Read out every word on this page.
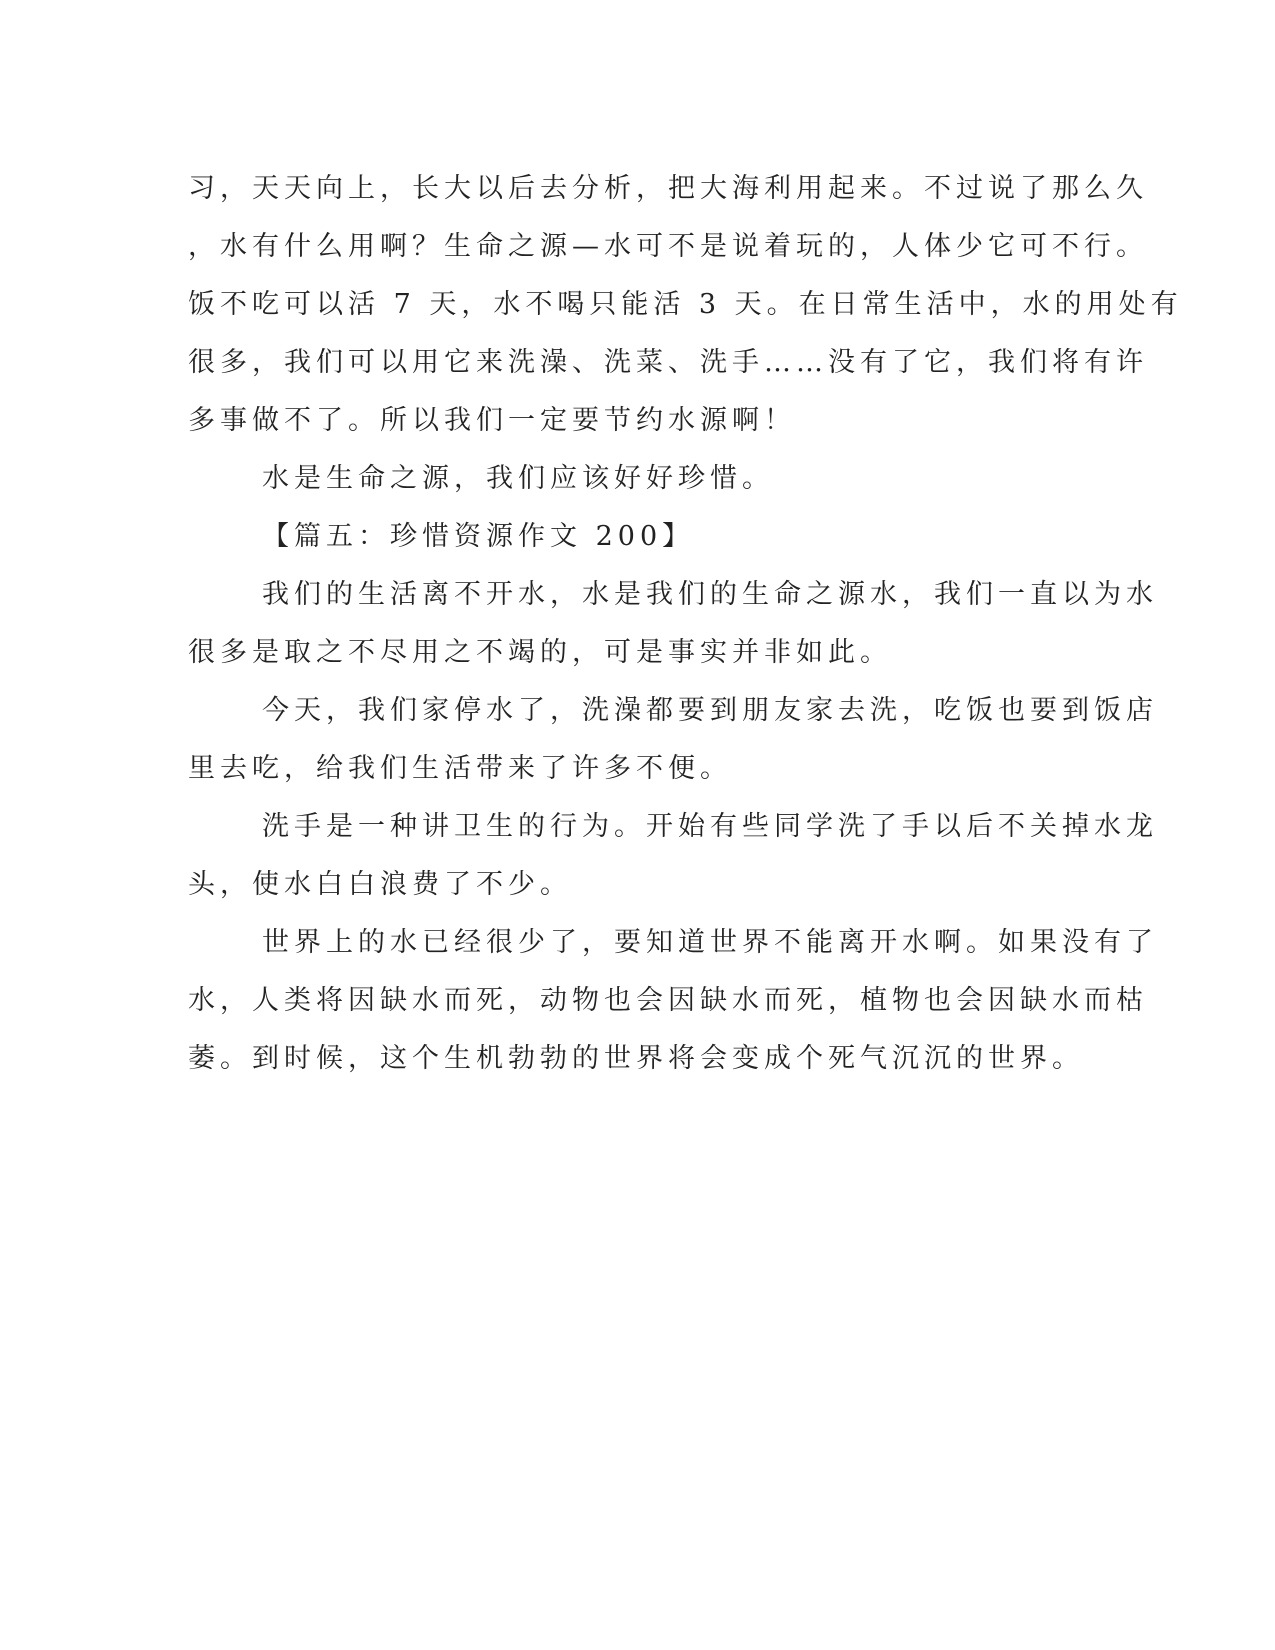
习，天天向上，长大以后去分析，把大海利用起来。不过说了那么久

，水有什么用啊？生命之源—水可不是说着玩的，人体少它可不行。

饭不吃可以活 7 天，水不喝只能活 3 天。在日常生活中，水的用处有

很多，我们可以用它来洗澡、洗菜、洗手……没有了它，我们将有许

多事做不了。所以我们一定要节约水源啊！

水是生命之源，我们应该好好珍惜。

【篇五：珍惜资源作文 200】

我们的生活离不开水，水是我们的生命之源水，我们一直以为水

很多是取之不尽用之不竭的，可是事实并非如此。

今天，我们家停水了，洗澡都要到朋友家去洗，吃饭也要到饭店

里去吃，给我们生活带来了许多不便。

洗手是一种讲卫生的行为。开始有些同学洗了手以后不关掉水龙

头，使水白白浪费了不少。

世界上的水已经很少了，要知道世界不能离开水啊。如果没有了

水，人类将因缺水而死，动物也会因缺水而死，植物也会因缺水而枯

萎。到时候，这个生机勃勃的世界将会变成个死气沉沉的世界。
